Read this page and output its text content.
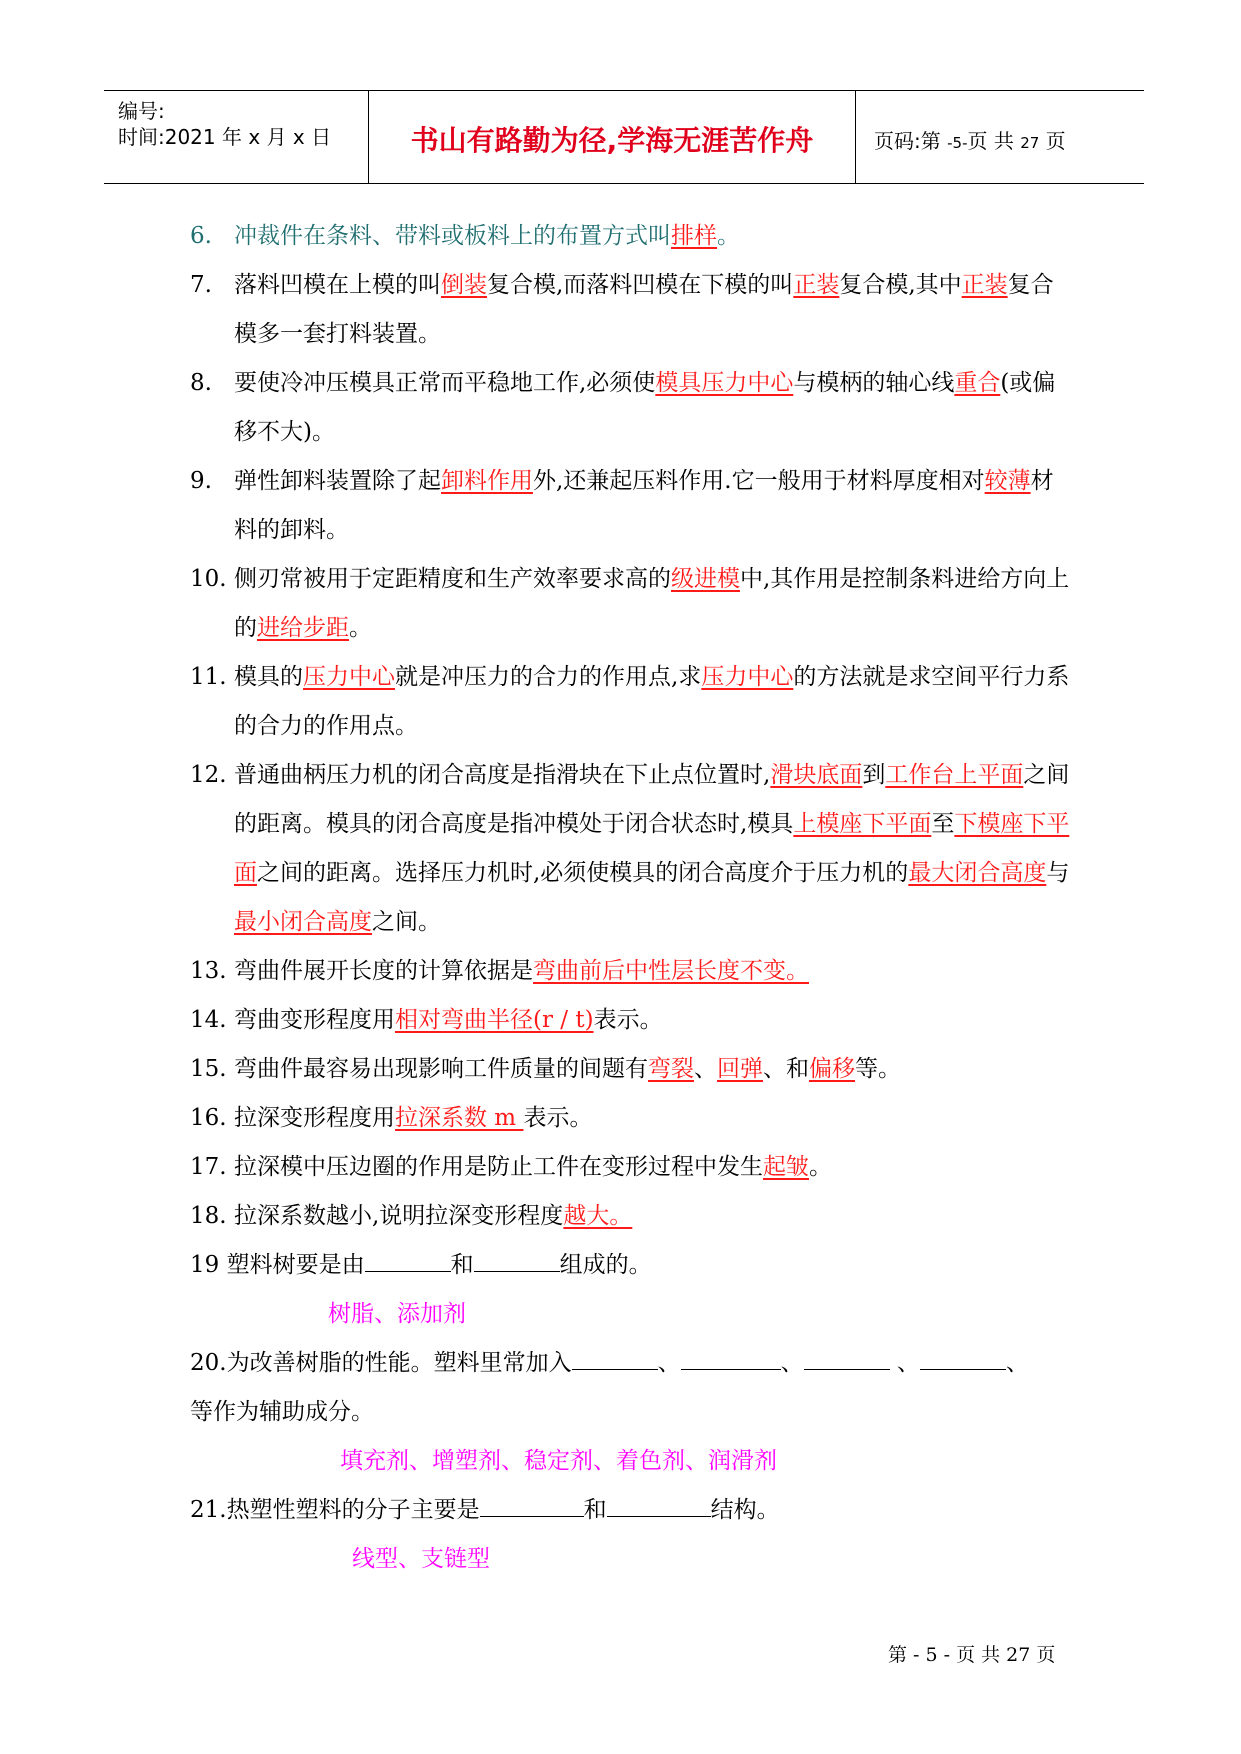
编号:
时间:2021 年 x 月 x 日	书山有路勤为径,学海无涯苦作舟	页码:第 -5-页 共 27 页
6. 冲裁件在条料、带料或板料上的布置方式叫排样。
7. 落料凹模在上模的叫倒装复合模,而落料凹模在下模的叫正装复合模,其中正装复合模多一套打料装置。
8. 要使冷冲压模具正常而平稳地工作,必须使模具压力中心与模柄的轴心线重合(或偏移不大)。
9. 弹性卸料装置除了起卸料作用外,还兼起压料作用.它一般用于材料厚度相对较薄材料的卸料。
10. 侧刃常被用于定距精度和生产效率要求高的级进模中,其作用是控制条料进给方向上的进给步距。
11. 模具的压力中心就是冲压力的合力的作用点,求压力中心的方法就是求空间平行力系的合力的作用点。
12. 普通曲柄压力机的闭合高度是指滑块在下止点位置时,滑块底面到工作台上平面之间的距离。模具的闭合高度是指冲模处于闭合状态时,模具上模座下平面至下模座下平面之间的距离。选择压力机时,必须使模具的闭合高度介于压力机的最大闭合高度与最小闭合高度之间。
13. 弯曲件展开长度的计算依据是弯曲前后中性层长度不变。
14. 弯曲变形程度用相对弯曲半径(r / t)表示。
15. 弯曲件最容易出现影响工件质量的间题有弯裂、回弹、和偏移等。
16. 拉深变形程度用拉深系数 m 表示。
17. 拉深模中压边圈的作用是防止工件在变形过程中发生起皱。
18. 拉深系数越小,说明拉深变形程度越大。
19 塑料树要是由	和	组成的。
树脂、添加剂
20.为改善树脂的性能。塑料里常加入	、	、	、	、
等作为辅助成分。
填充剂、增塑剂、稳定剂、着色剂、润滑剂
21.热塑性塑料的分子主要是	和	结构。
线型、支链型
第 - 5 - 页 共 27 页
